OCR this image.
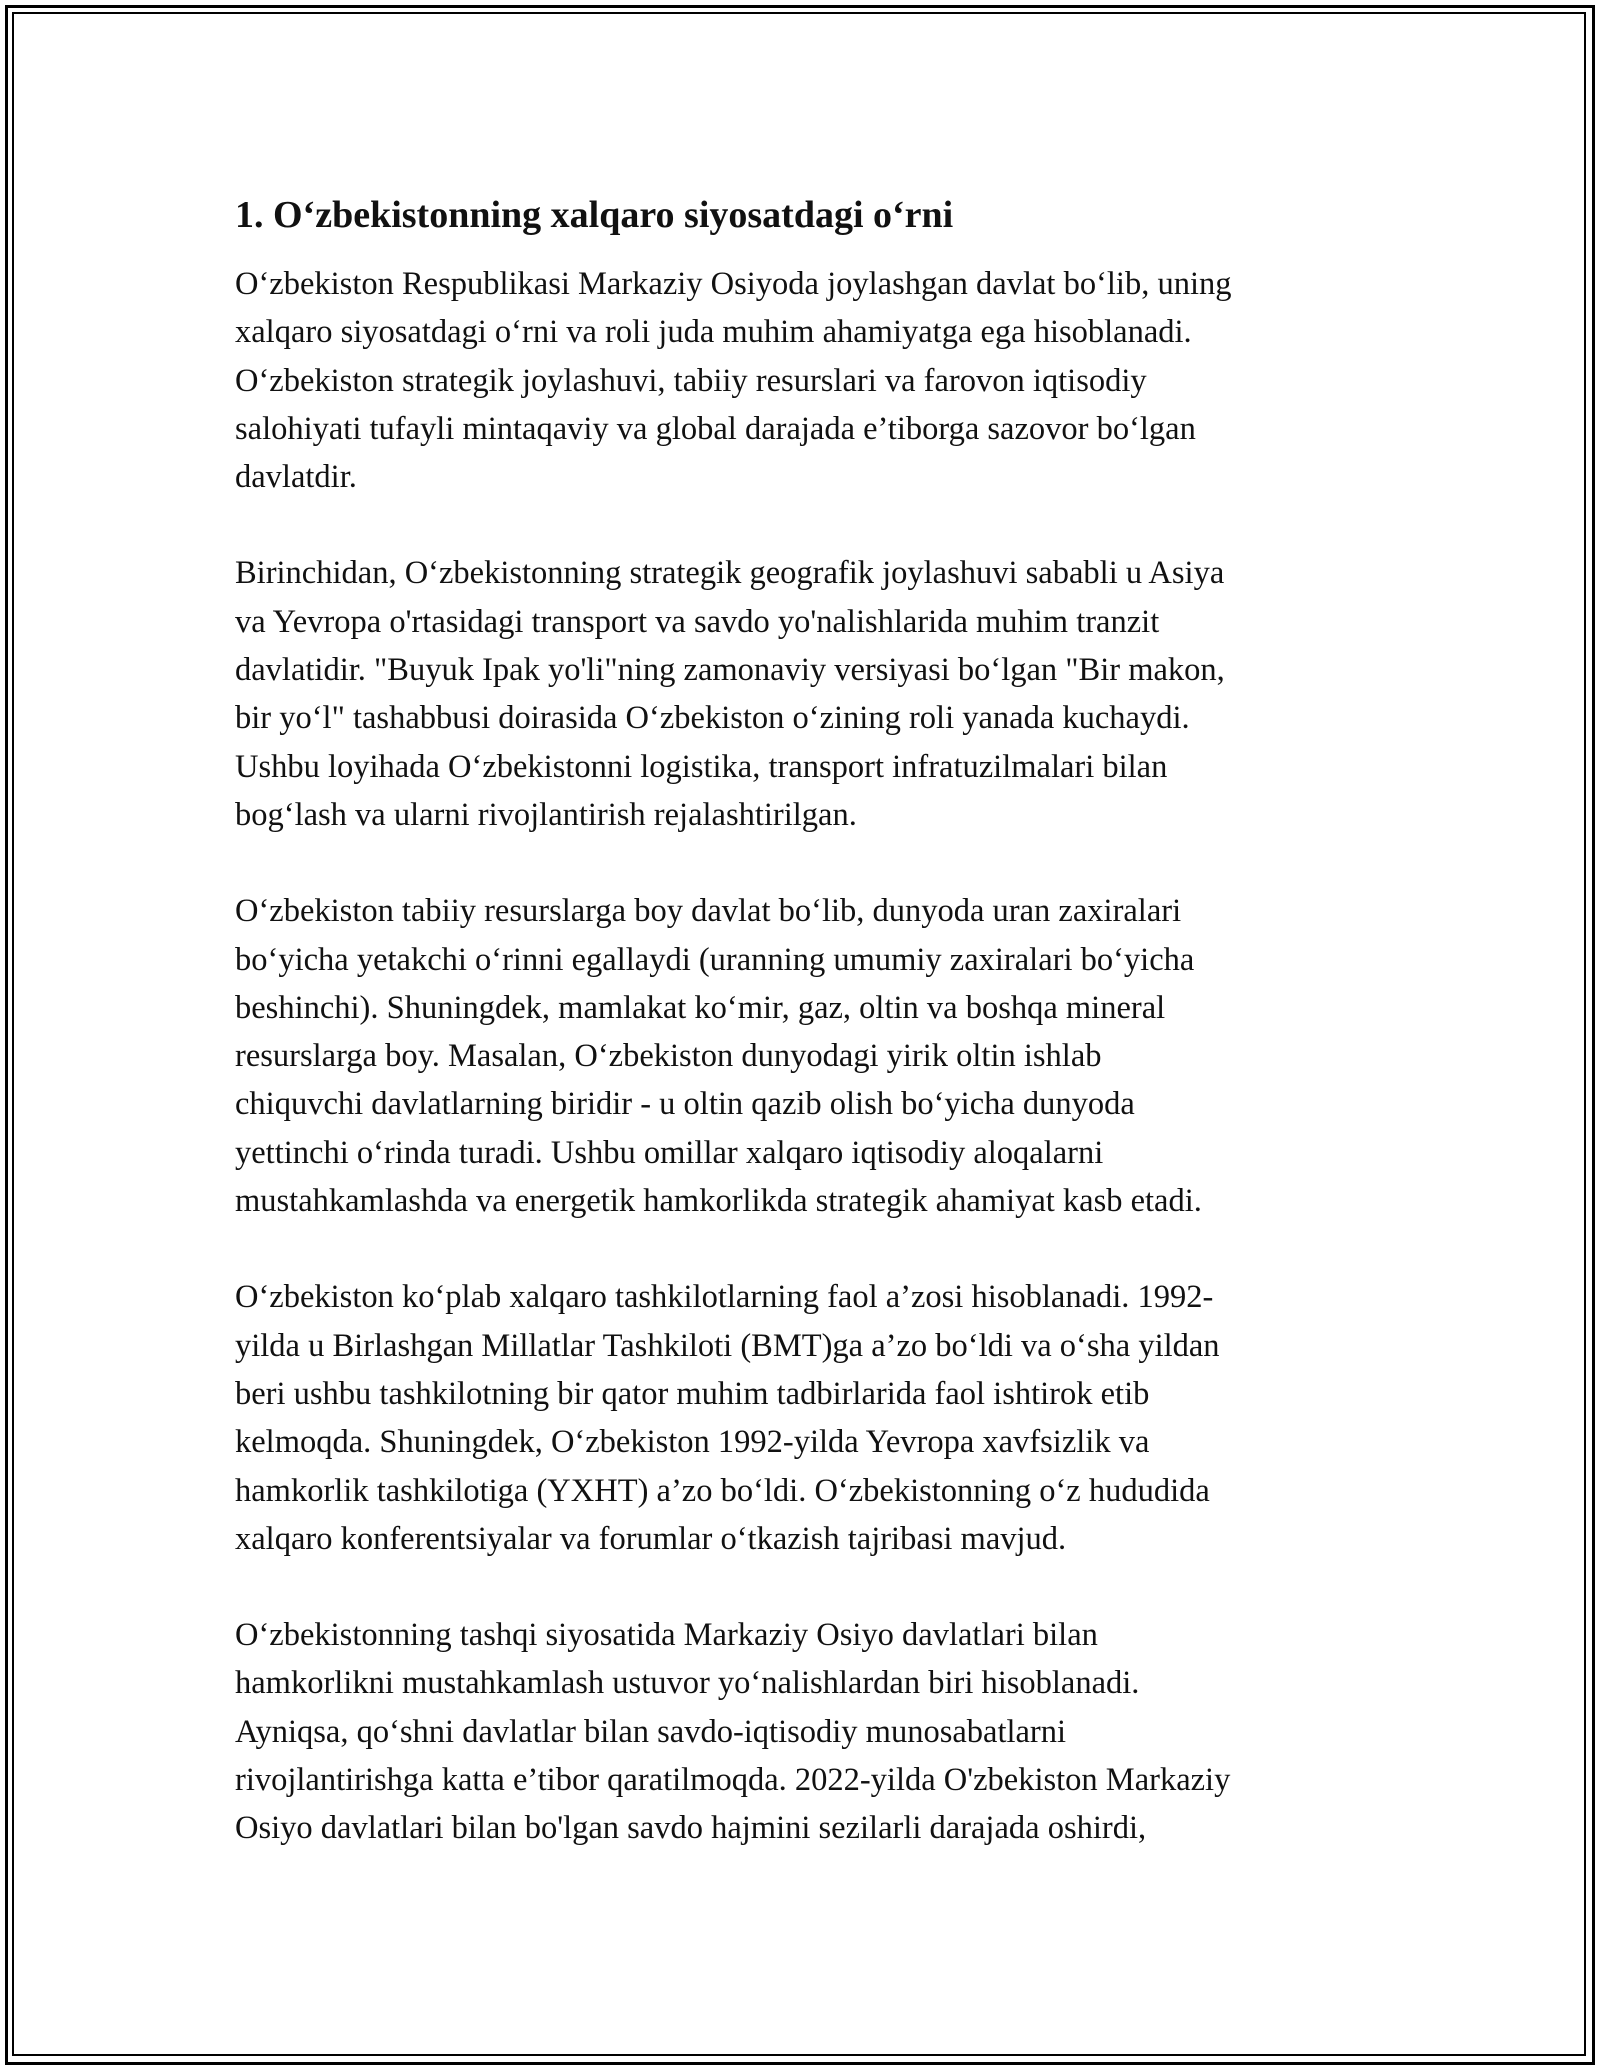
1. O‘zbekistonning xalqaro siyosatdagi o‘rni

O‘zbekiston Respublikasi Markaziy Osiyoda joylashgan davlat bo‘lib, uning
xalqaro siyosatdagi o‘rni va roli juda muhim ahamiyatga ega hisoblanadi.
O‘zbekiston strategik joylashuvi, tabiiy resurslari va farovon iqtisodiy
salohiyati tufayli mintaqaviy va global darajada e’tiborga sazovor bo‘lgan
davlatdir.

Birinchidan, O‘zbekistonning strategik geografik joylashuvi sababli u Asiya
va Yevropa o'rtasidagi transport va savdo yo'nalishlarida muhim tranzit
davlatidir. "Buyuk Ipak yo'li"ning zamonaviy versiyasi bo‘lgan "Bir makon,
bir yo‘l" tashabbusi doirasida O‘zbekiston o‘zining roli yanada kuchaydi.
Ushbu loyihada O‘zbekistonni logistika, transport infratuzilmalari bilan
bog‘lash va ularni rivojlantirish rejalashtirilgan.

O‘zbekiston tabiiy resurslarga boy davlat bo‘lib, dunyoda uran zaxiralari
bo‘yicha yetakchi o‘rinni egallaydi (uranning umumiy zaxiralari bo‘yicha
beshinchi). Shuningdek, mamlakat ko‘mir, gaz, oltin va boshqa mineral
resurslarga boy. Masalan, O‘zbekiston dunyodagi yirik oltin ishlab
chiquvchi davlatlarning biridir - u oltin qazib olish bo‘yicha dunyoda
yettinchi o‘rinda turadi. Ushbu omillar xalqaro iqtisodiy aloqalarni
mustahkamlashda va energetik hamkorlikda strategik ahamiyat kasb etadi.

O‘zbekiston ko‘plab xalqaro tashkilotlarning faol a’zosi hisoblanadi. 1992-
yilda u Birlashgan Millatlar Tashkiloti (BMT)ga a’zo bo‘ldi va o‘sha yildan
beri ushbu tashkilotning bir qator muhim tadbirlarida faol ishtirok etib
kelmoqda. Shuningdek, O‘zbekiston 1992-yilda Yevropa xavfsizlik va
hamkorlik tashkilotiga (YXHT) a’zo bo‘ldi. O‘zbekistonning o‘z hududida
xalqaro konferentsiyalar va forumlar o‘tkazish tajribasi mavjud.

O‘zbekistonning tashqi siyosatida Markaziy Osiyo davlatlari bilan
hamkorlikni mustahkamlash ustuvor yo‘nalishlardan biri hisoblanadi.
Ayniqsa, qo‘shni davlatlar bilan savdo-iqtisodiy munosabatlarni
rivojlantirishga katta e’tibor qaratilmoqda. 2022-yilda O'zbekiston Markaziy
Osiyo davlatlari bilan bo'lgan savdo hajmini sezilarli darajada oshirdi,
